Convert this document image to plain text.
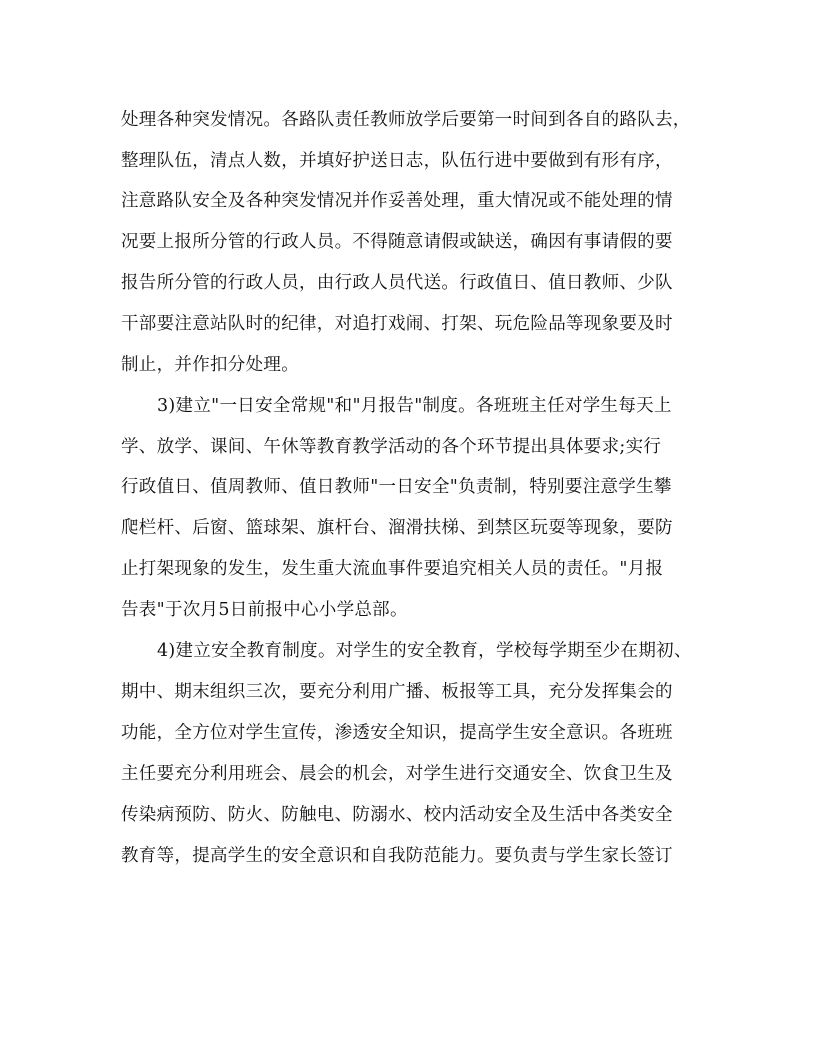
处理各种突发情况。各路队责任教师放学后要第一时间到各自的路队去，
整理队伍，清点人数，并填好护送日志，队伍行进中要做到有形有序，
注意路队安全及各种突发情况并作妥善处理，重大情况或不能处理的情
况要上报所分管的行政人员。不得随意请假或缺送，确因有事请假的要
报告所分管的行政人员，由行政人员代送。行政值日、值日教师、少队
干部要注意站队时的纪律，对追打戏闹、打架、玩危险品等现象要及时
制止，并作扣分处理。
3)建立"一日安全常规"和"月报告"制度。各班班主任对学生每天上
学、放学、课间、午休等教育教学活动的各个环节提出具体要求;实行
行政值日、值周教师、值日教师"一日安全"负责制，特别要注意学生攀
爬栏杆、后窗、篮球架、旗杆台、溜滑扶梯、到禁区玩耍等现象，要防
止打架现象的发生，发生重大流血事件要追究相关人员的责任。"月报
告表"于次月5日前报中心小学总部。
4)建立安全教育制度。对学生的安全教育，学校每学期至少在期初、
期中、期末组织三次，要充分利用广播、板报等工具，充分发挥集会的
功能，全方位对学生宣传，渗透安全知识，提高学生安全意识。各班班
主任要充分利用班会、晨会的机会，对学生进行交通安全、饮食卫生及
传染病预防、防火、防触电、防溺水、校内活动安全及生活中各类安全
教育等，提高学生的安全意识和自我防范能力。要负责与学生家长签订
